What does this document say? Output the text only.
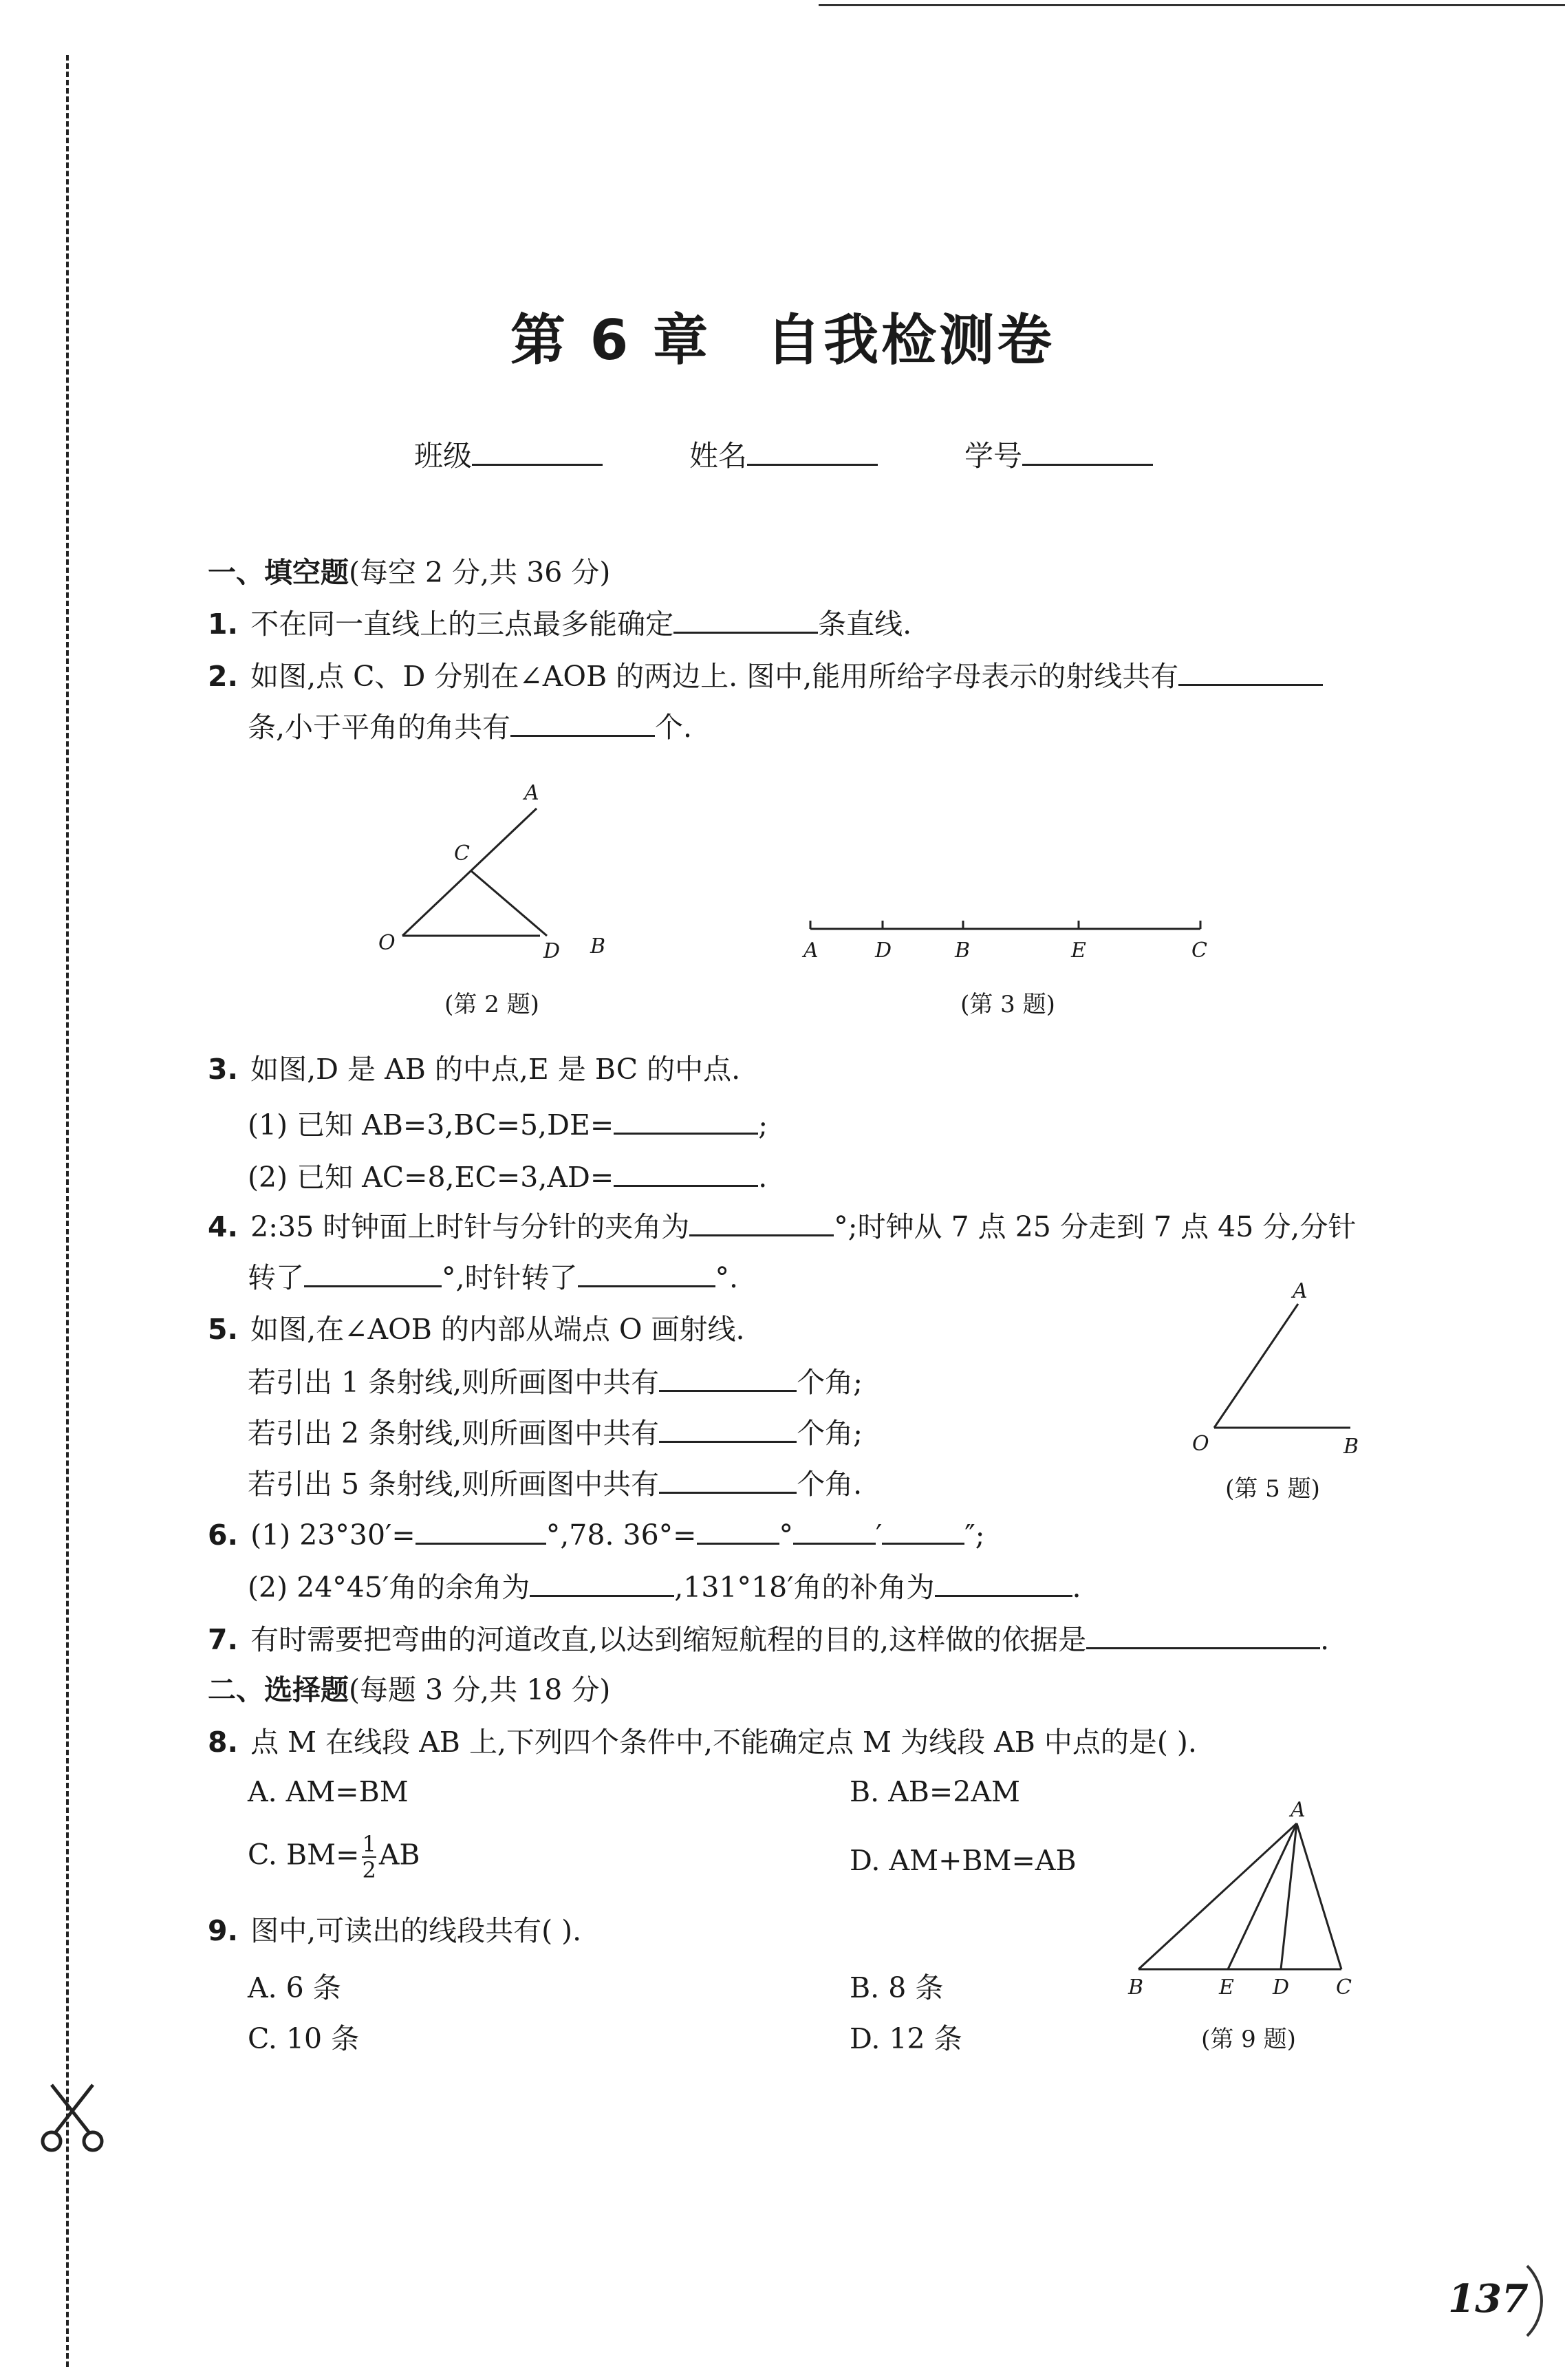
第 6 章 自我检测卷
班级	姓名	学号
一、填空题(每空 2 分,共 36 分)
1. 不在同一直线上的三点最多能确定	条直线.
2. 如图,点 C、D 分别在∠AOB 的两边上. 图中,能用所给字母表示的射线共有
条,小于平角的角共有	个.
A
C
O	D B
(第 2 题)
A	D	B	E	C
(第 3 题)
3. 如图,D 是 AB 的中点,E 是 BC 的中点.
(1) 已知 AB=3,BC=5,DE=	;
(2) 已知 AC=8,EC=3,AD=	.
4. 2:35 时钟面上时针与分针的夹角为	°;时钟从 7 点 25 分走到 7 点 45 分,分针
转了	°,时针转了	°.
5. 如图,在∠AOB 的内部从端点 O 画射线.
若引出 1 条射线,则所画图中共有	个角;
若引出 2 条射线,则所画图中共有	个角;
若引出 5 条射线,则所画图中共有	个角.
A
O	B
(第 5 题)
6. (1) 23°30′=	°,78. 36°=	°	′	″;
(2) 24°45′角的余角为	,131°18′角的补角为	.
7. 有时需要把弯曲的河道改直,以达到缩短航程的目的,这样做的依据是	.
二、选择题(每题 3 分,共 18 分)
8. 点 M 在线段 AB 上,下列四个条件中,不能确定点 M 为线段 AB 中点的是( ).
A. AM=BM	B. AB=2AM
C. $BM= \frac{1}{2}$ AB	D. AM+BM=AB
A
B	E D C
9. 图中,可读出的线段共有( ).
A. 6 条	B. 8 条
C. 10 条	D. 12 条	(第 9 题)
137
